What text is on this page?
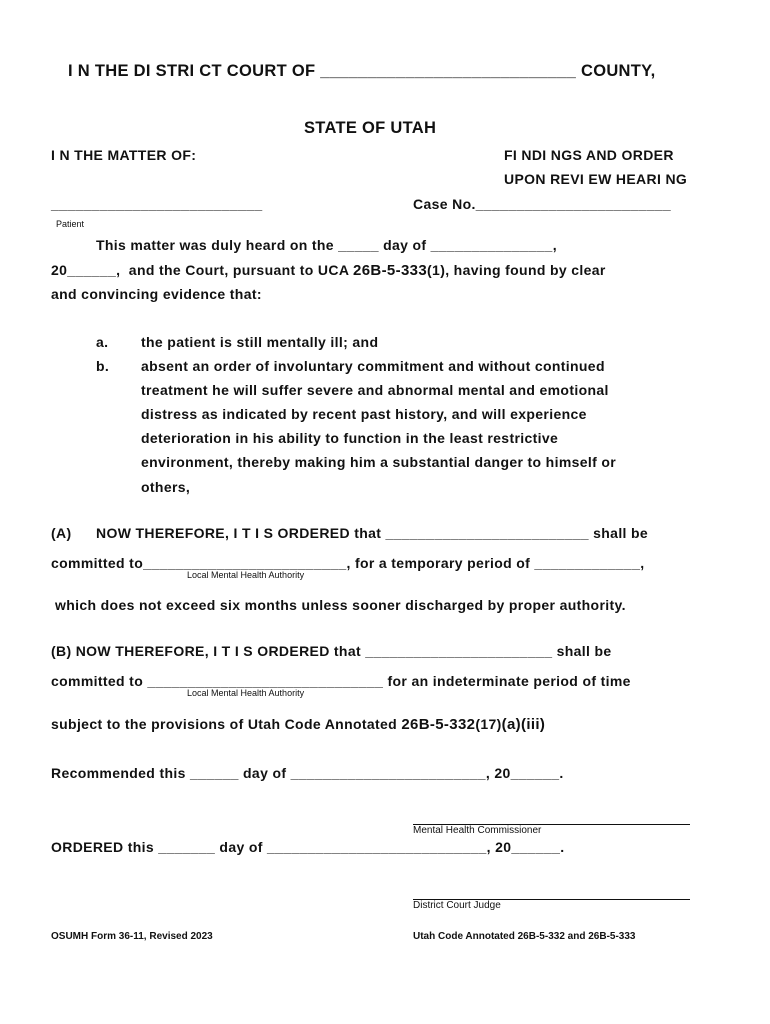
I N THE DI STRI CT COURT OF ___________________________ COUNTY,
STATE OF UTAH
I N THE MATTER OF:	FI NDI NGS AND ORDER
UPON REVI EW HEARI NG
__________________________	Case No.________________________
Patient
This matter was duly heard on the _____ day of _______________,
20______,  and the Court, pursuant to UCA 26B-5-333(1), having found by clear
and convincing evidence that:
a. the patient is still mentally ill; and
b. absent an order of involuntary commitment and without continued
treatment he will suffer severe and abnormal mental and emotional
distress as indicated by recent past history, and will experience
deterioration in his ability to function in the least restrictive
environment, thereby making him a substantial danger to himself or
others,
(A) NOW THEREFORE, I T I S ORDERED that _________________________ shall be
committed to_________________________, for a temporary period of _____________,
Local Mental Health Authority
which does not exceed six months unless sooner discharged by proper authority.
(B) NOW THEREFORE, I T I S ORDERED that _______________________ shall be
committed to _____________________________ for an indeterminate period of time
Local Mental Health Authority
subject to the provisions of Utah Code Annotated 26B-5-332(17)(a)(iii)
Recommended this ______ day of ________________________, 20______.
Mental Health Commissioner
ORDERED this _______ day of ___________________________, 20______.
District Court Judge
OSUMH Form 36-11, Revised 2023	Utah Code Annotated 26B-5-332 and 26B-5-333
